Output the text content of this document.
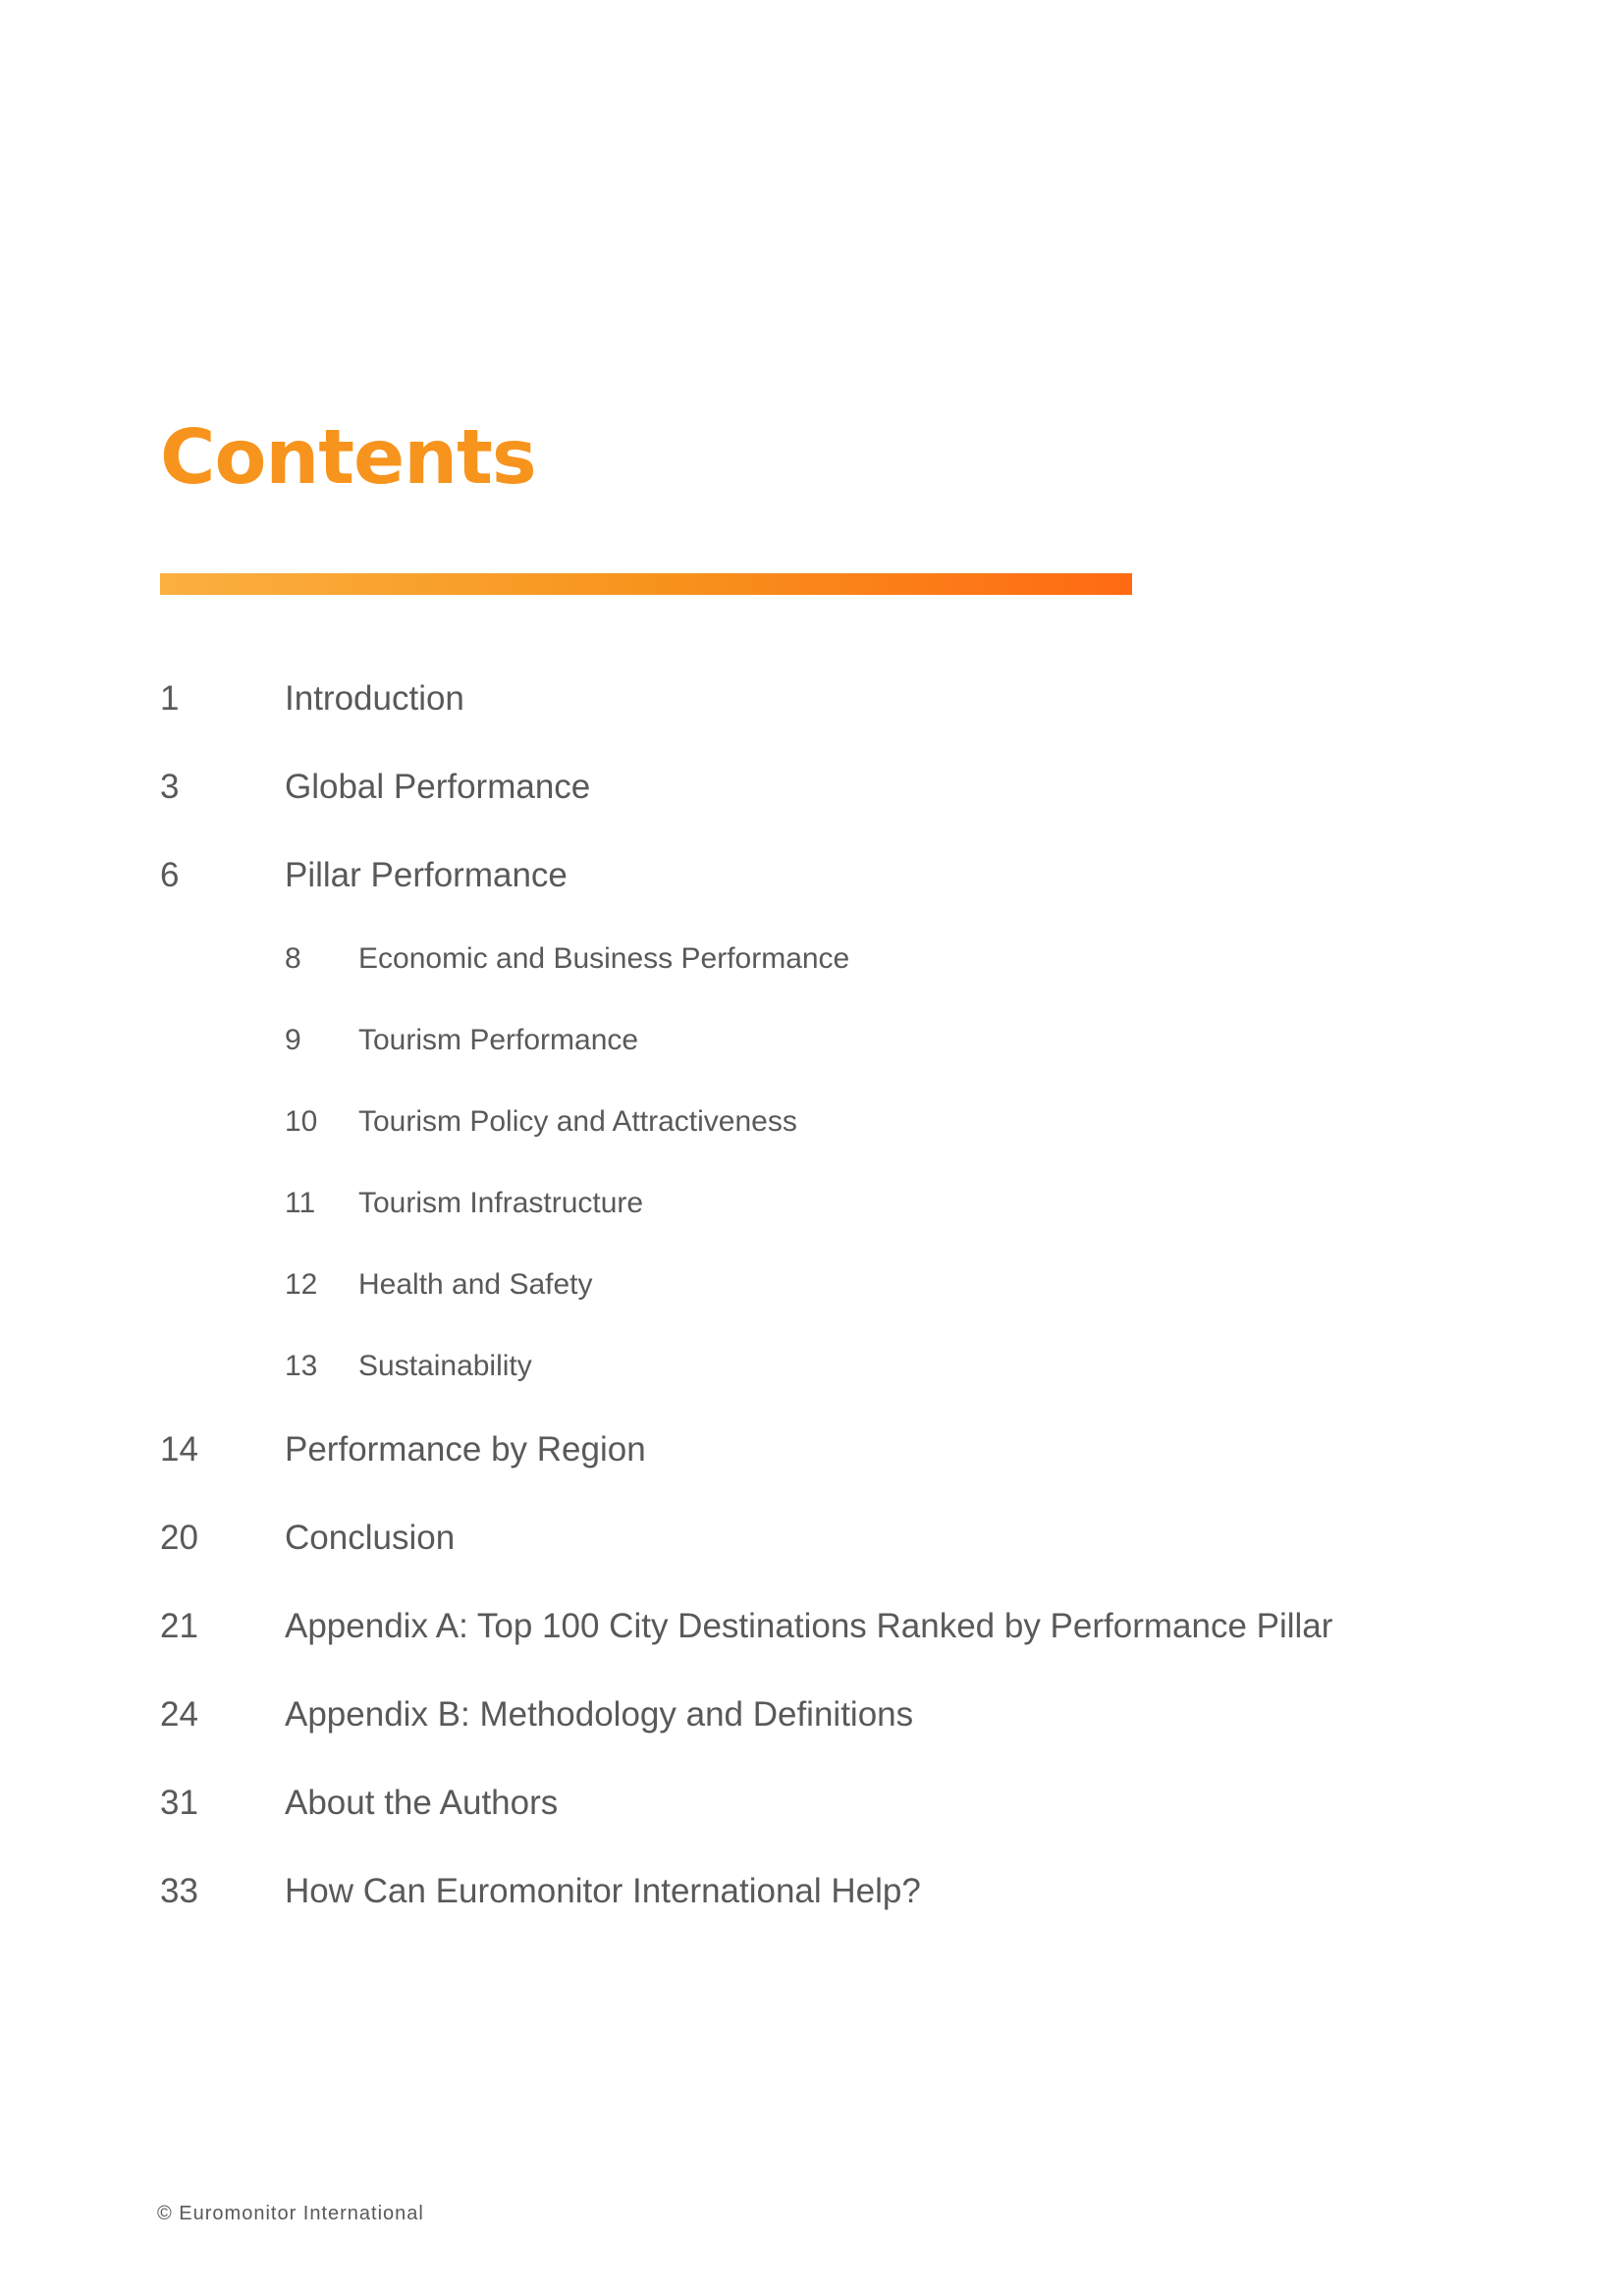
Contents
1	Introduction
3	Global Performance
6	Pillar Performance
8 Economic and Business Performance
9 Tourism Performance
10 Tourism Policy and Attractiveness
11 Tourism Infrastructure
12 Health and Safety
13 Sustainability
14	Performance by Region
20	Conclusion
21	Appendix A: Top 100 City Destinations Ranked by Performance Pillar
24	Appendix B: Methodology and Definitions
31	About the Authors
33	How Can Euromonitor International Help?
© Euromonitor International
